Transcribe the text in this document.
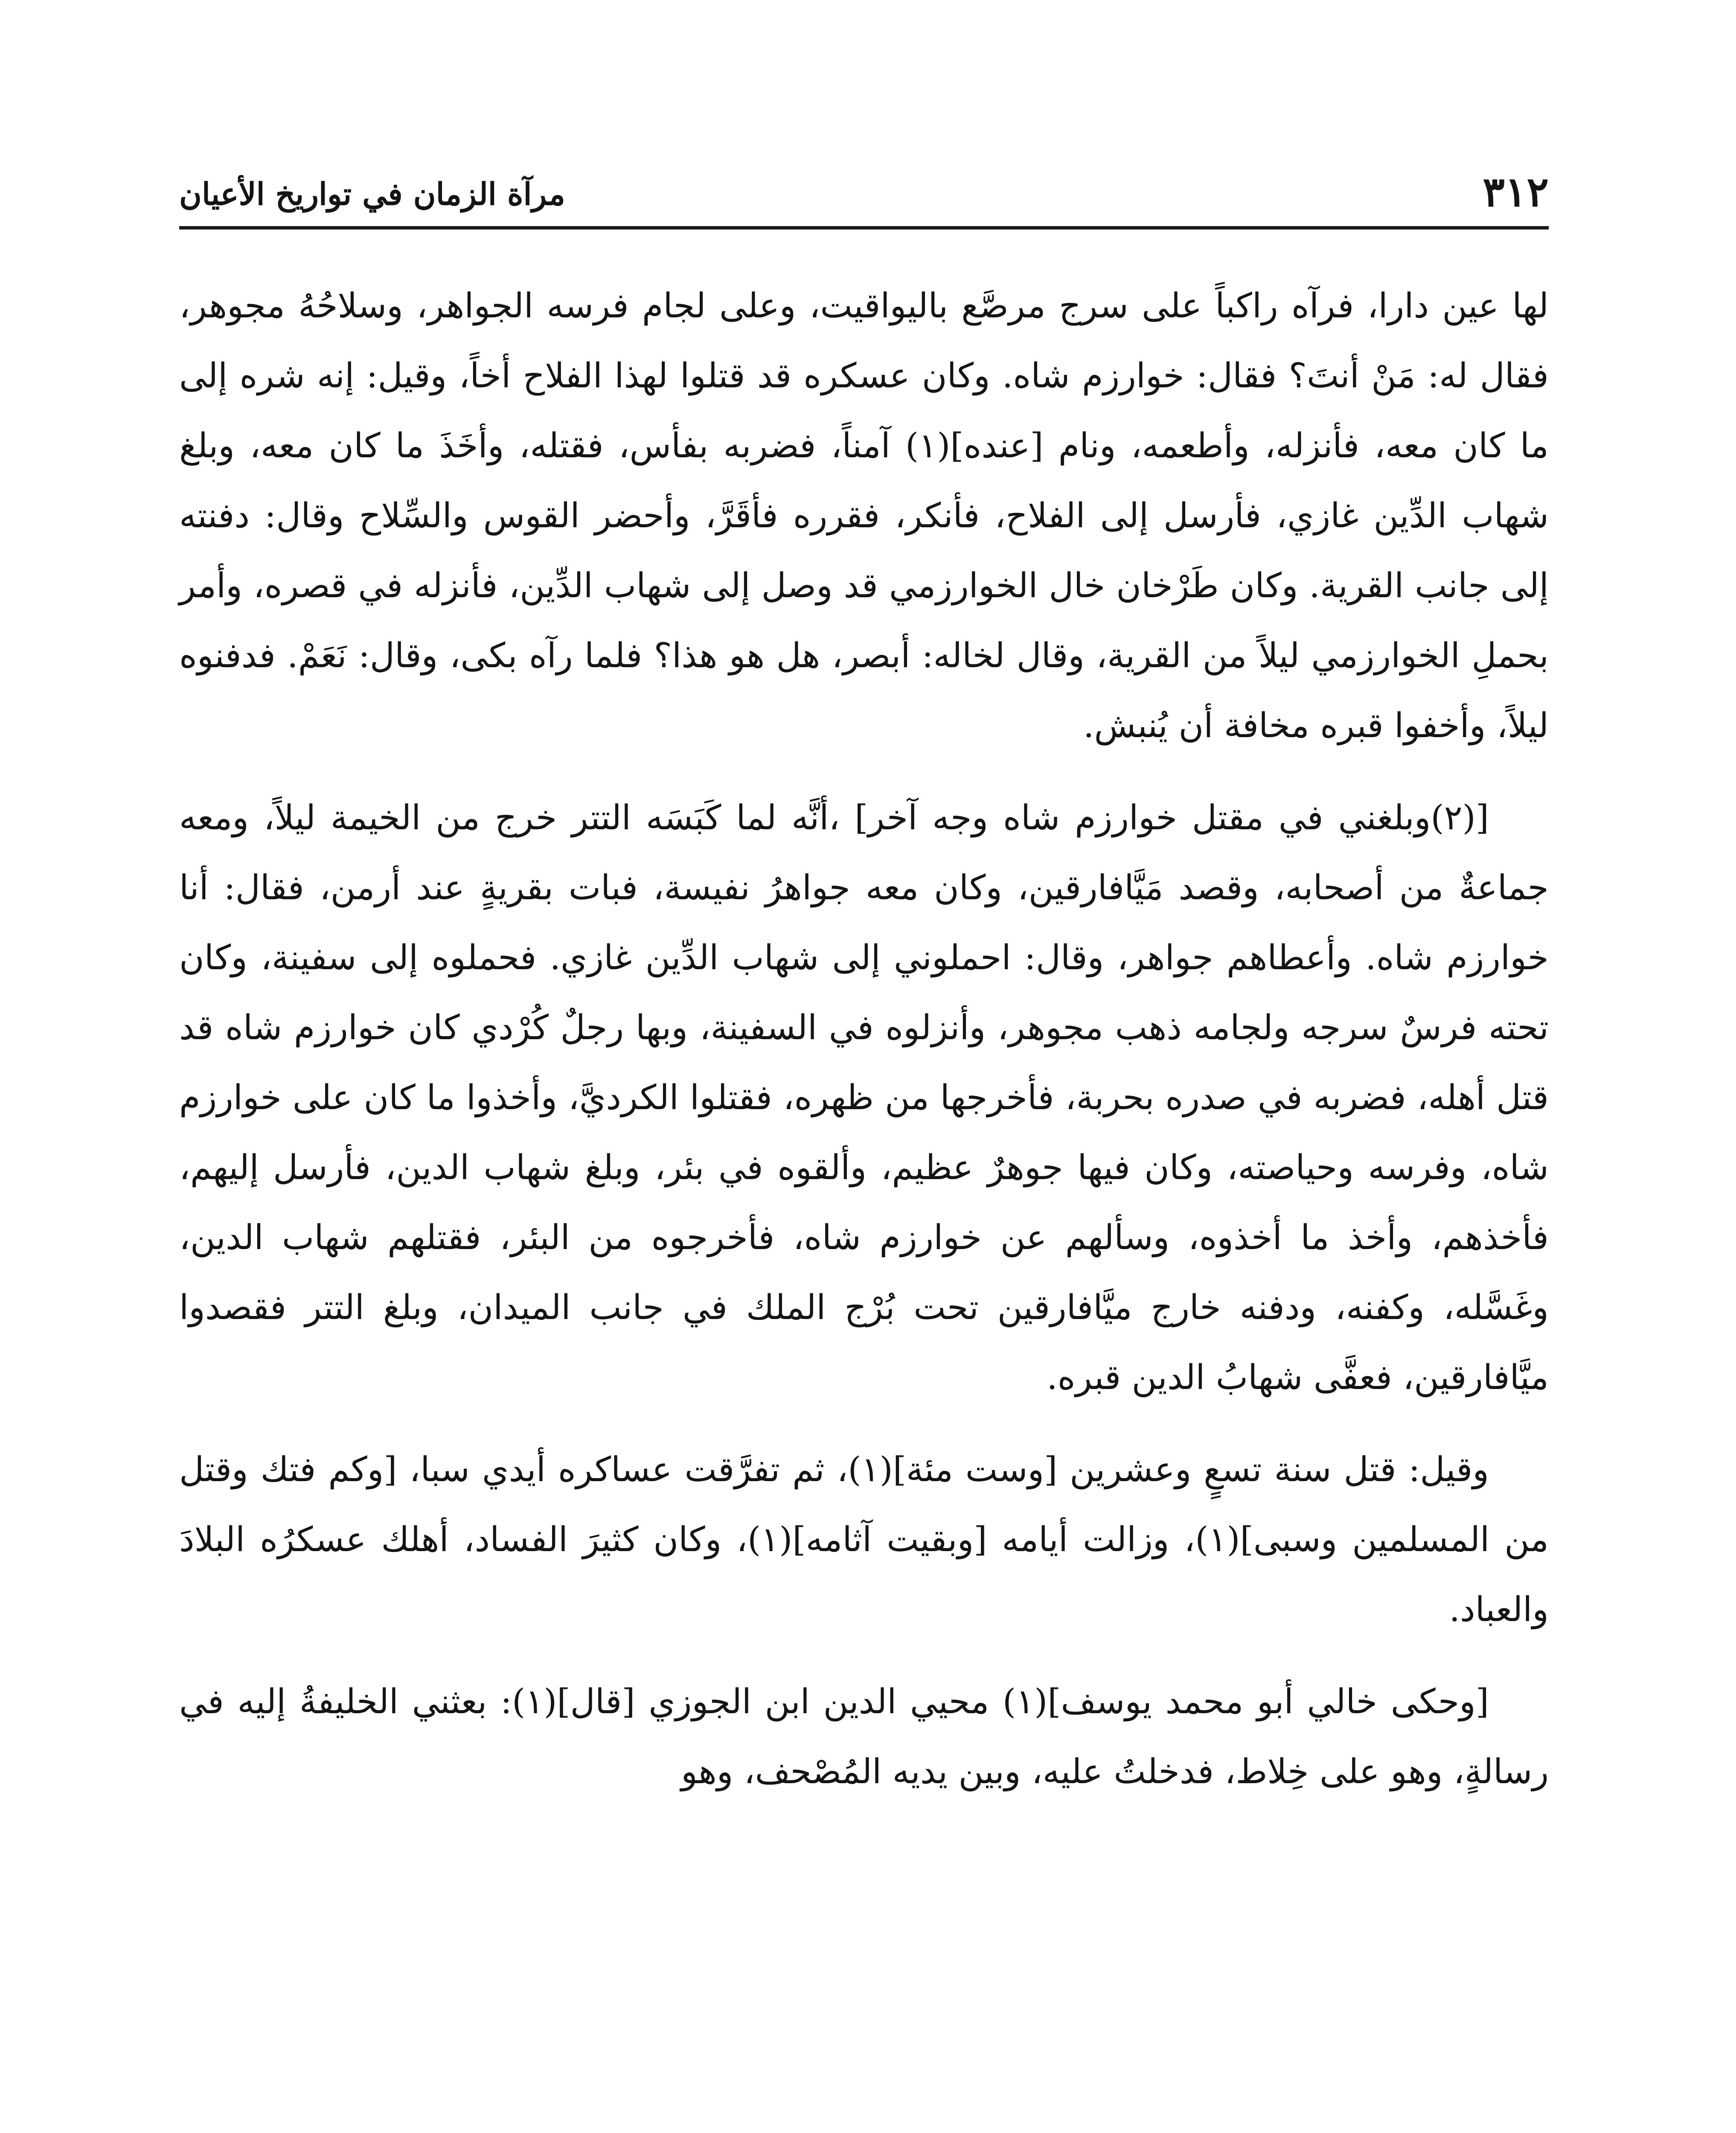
٣١٢
مرآة الزمان في تواريخ الأعيان

لها عين دارا، فرآه راكباً على سرج مرصَّع باليواقيت، وعلى لجام فرسه الجواهر، وسلاحُهُ مجوهر، فقال له: مَنْ أنتَ؟ فقال: خوارزم شاه. وكان عسكره قد قتلوا لهذا الفلاح أخاً، وقيل: إنه شره إلى ما كان معه، فأنزله، وأطعمه، ونام [عنده](١) آمناً، فضربه بفأس، فقتله، وأخَذَ ما كان معه، وبلغ شهاب الدِّين غازي، فأرسل إلى الفلاح، فأنكر، فقرره فأقَرَّ، وأحضر القوس والسِّلاح وقال: دفنته إلى جانب القرية. وكان طَرْخان خال الخوارزمي قد وصل إلى شهاب الدِّين، فأنزله في قصره، وأمر بحملِ الخوارزمي ليلاً من القرية، وقال لخاله: أبصر، هل هو هذا؟ فلما رآه بكى، وقال: نَعَمْ. فدفنوه ليلاً، وأخفوا قبره مخافة أن يُنبش.

[(٢)وبلغني في مقتل خوارزم شاه وجه آخر] ،أنَّه لما كَبَسَه التتر خرج من الخيمة ليلاً، ومعه جماعةٌ من أصحابه، وقصد مَيَّافارقين، وكان معه جواهرُ نفيسة، فبات بقريةٍ عند أرمن، فقال: أنا خوارزم شاه. وأعطاهم جواهر، وقال: احملوني إلى شهاب الدِّين غازي. فحملوه إلى سفينة، وكان تحته فرسٌ سرجه ولجامه ذهب مجوهر، وأنزلوه في السفينة، وبها رجلٌ كُرْدي كان خوارزم شاه قد قتل أهله، فضربه في صدره بحربة، فأخرجها من ظهره، فقتلوا الكرديَّ، وأخذوا ما كان على خوارزم شاه، وفرسه وحياصته، وكان فيها جوهرٌ عظيم، وألقوه في بئر، وبلغ شهاب الدين، فأرسل إليهم، فأخذهم، وأخذ ما أخذوه، وسألهم عن خوارزم شاه، فأخرجوه من البئر، فقتلهم شهاب الدين، وغَسَّله، وكفنه، ودفنه خارج ميَّافارقين تحت بُرْج الملك في جانب الميدان، وبلغ التتر فقصدوا ميَّافارقين، فعفَّى شهابُ الدين قبره.

وقيل: قتل سنة تسعٍ وعشرين [وست مئة](١)، ثم تفرَّقت عساكره أيدي سبا، [وكم فتك وقتل من المسلمين وسبى](١)، وزالت أيامه [وبقيت آثامه](١)، وكان كثيرَ الفساد، أهلك عسكرُه البلادَ والعباد.

[وحكى خالي أبو محمد يوسف](١) محيي الدين ابن الجوزي [قال](١): بعثني الخليفةُ إليه في رسالةٍ، وهو على خِلاط، فدخلتُ عليه، وبين يديه المُصْحف، وهو
